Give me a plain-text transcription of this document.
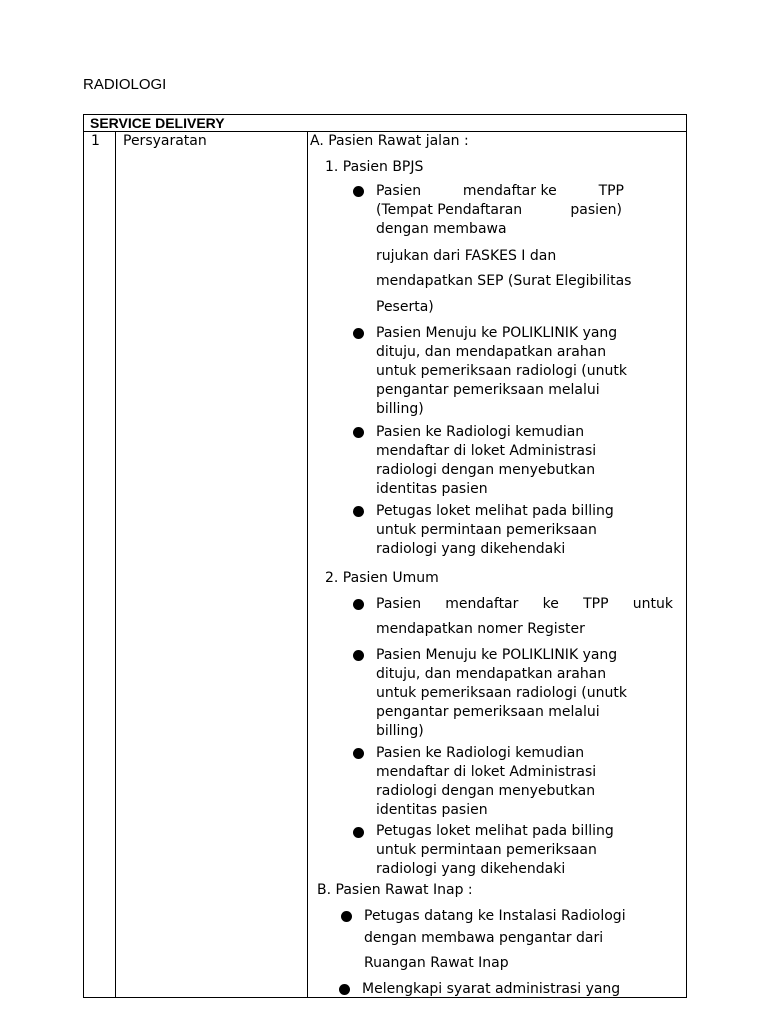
RADIOLOGI
SERVICE DELIVERY
1 Persyaratan	A. Pasien Rawat jalan :
1. Pasien BPJS
Pasien	mendaftar ke	TPP
(Tempat Pendaftaran	pasien)
dengan membawa
rujukan dari FASKES I dan
mendapatkan SEP (Surat Elegibilitas
Peserta)
Pasien Menuju ke POLIKLINIK yang
dituju, dan mendapatkan arahan
untuk pemeriksaan radiologi (unutk
pengantar pemeriksaan melalui
billing)
Pasien ke Radiologi kemudian
mendaftar di loket Administrasi
radiologi dengan menyebutkan
identitas pasien
Petugas loket melihat pada billing
untuk permintaan pemeriksaan
radiologi yang dikehendaki
2. Pasien Umum
Pasien mendaftar ke TPP untuk
mendapatkan nomer Register
Pasien Menuju ke POLIKLINIK yang
dituju, dan mendapatkan arahan
untuk pemeriksaan radiologi (unutk
pengantar pemeriksaan melalui
billing)
Pasien ke Radiologi kemudian
mendaftar di loket Administrasi
radiologi dengan menyebutkan
identitas pasien
Petugas loket melihat pada billing
untuk permintaan pemeriksaan
radiologi yang dikehendaki
B. Pasien Rawat Inap :
Petugas datang ke Instalasi Radiologi
dengan membawa pengantar dari
Ruangan Rawat Inap
Melengkapi syarat administrasi yang
